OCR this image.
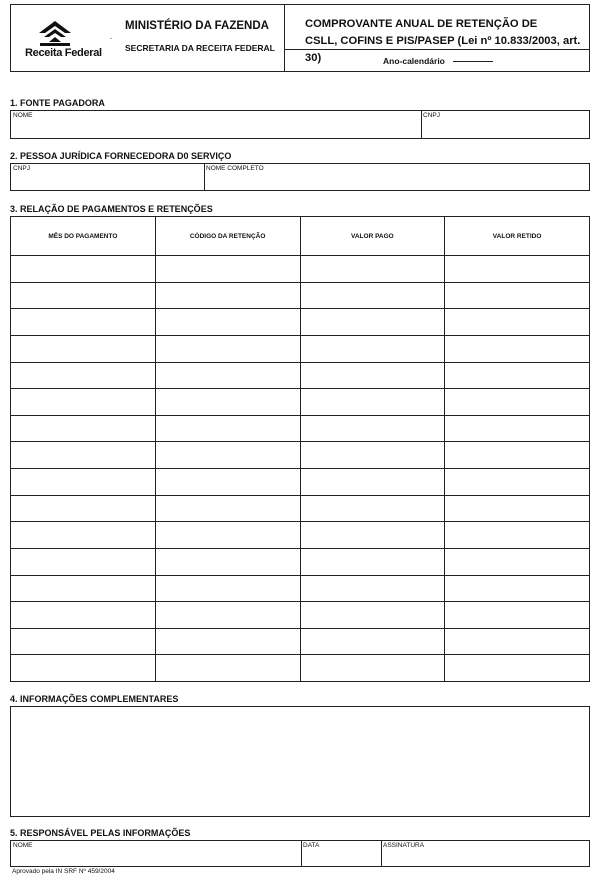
Receita Federal
.
MINISTÉRIO DA FAZENDA
SECRETARIA DA RECEITA FEDERAL
COMPROVANTE ANUAL DE RETENÇÃO DE
CSLL, COFINS E PIS/PASEP (Lei nº 10.833/2003, art. 30)	Ano-calendário
1. FONTE PAGADORA
NOME	CNPJ
2. PESSOA JURÍDICA FORNECEDORA D0 SERVIÇO
CNPJ	NOME COMPLETO
3. RELAÇÃO DE PAGAMENTOS E RETENÇÕES
MÊS DO PAGAMENTO	CÓDIGO DA RETENÇÃO	VALOR PAGO	VALOR RETIDO

4. INFORMAÇÕES COMPLEMENTARES
5. RESPONSÁVEL PELAS INFORMAÇÕES
NOME	DATA	ASSINATURA
Aprovado pela IN SRF Nº 459/2004
